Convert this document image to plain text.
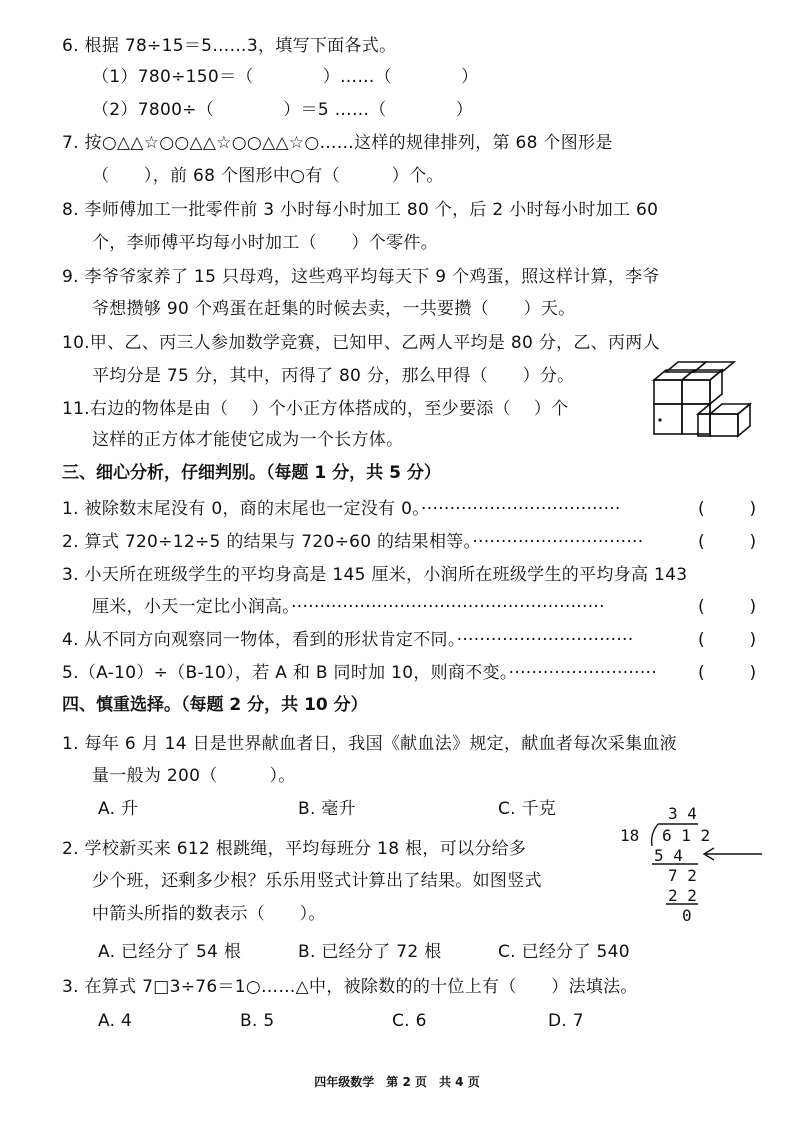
6. 根据 78÷15＝5……3，填写下面各式。
（1）780÷150＝（　　　　）……（　　　　）
（2）7800÷（　　　　）＝5 ……（　　　　）
7. 按○△△☆○○△△☆○○△△☆○……这样的规律排列，第 68 个图形是
（　　），前 68 个图形中○有（　　　）个。
8. 李师傅加工一批零件前 3 小时每小时加工 80 个，后 2 小时每小时加工 60
个，李师傅平均每小时加工（　　）个零件。
9. 李爷爷家养了 15 只母鸡，这些鸡平均每天下 9 个鸡蛋，照这样计算，李爷
爷想攒够 90 个鸡蛋在赶集的时候去卖，一共要攒（　　）天。
10.甲、乙、丙三人参加数学竞赛，已知甲、乙两人平均是 80 分，乙、丙两人
平均分是 75 分，其中，丙得了 80 分，那么甲得（　　）分。
11.右边的物体是由（　 ）个小正方体搭成的，至少要添（　 ）个
这样的正方体才能使它成为一个长方体。
三、细心分析，仔细判别。（每题 1 分，共 5 分）
1. 被除数末尾没有 0，商的末尾也一定没有 0。···································	(　　  )
2. 算式 720÷12÷5 的结果与 720÷60 的结果相等。······························	(　　  )
3. 小天所在班级学生的平均身高是 145 厘米，小润所在班级学生的平均身高 143
厘米，小天一定比小润高。·······················································	(　　  )
4. 从不同方向观察同一物体，看到的形状肯定不同。·······························	(　　  )
5.（A-10）÷（B-10），若 A 和 B 同时加 10，则商不变。··························	(　　  )
四、慎重选择。（每题 2 分，共 10 分）
1. 每年 6 月 14 日是世界献血者日，我国《献血法》规定，献血者每次采集血液
量一般为 200（　　　）。
A. 升	B. 毫升	C. 千克
2. 学校新买来 612 根跳绳，平均每班分 18 根，可以分给多
少个班，还剩多少根？乐乐用竖式计算出了结果。如图竖式
中箭头所指的数表示（　　）。
A. 已经分了 54 根	B. 已经分了 72 根	C. 已经分了 540
3 4
18 6 1 2
5 4
7 2
2 2
0
3. 在算式 7□3÷76＝1○……△中，被除数的的十位上有（　　）法填法。
A. 4	B. 5	C. 6	D. 7
四年级数学　第 2 页　共 4 页
